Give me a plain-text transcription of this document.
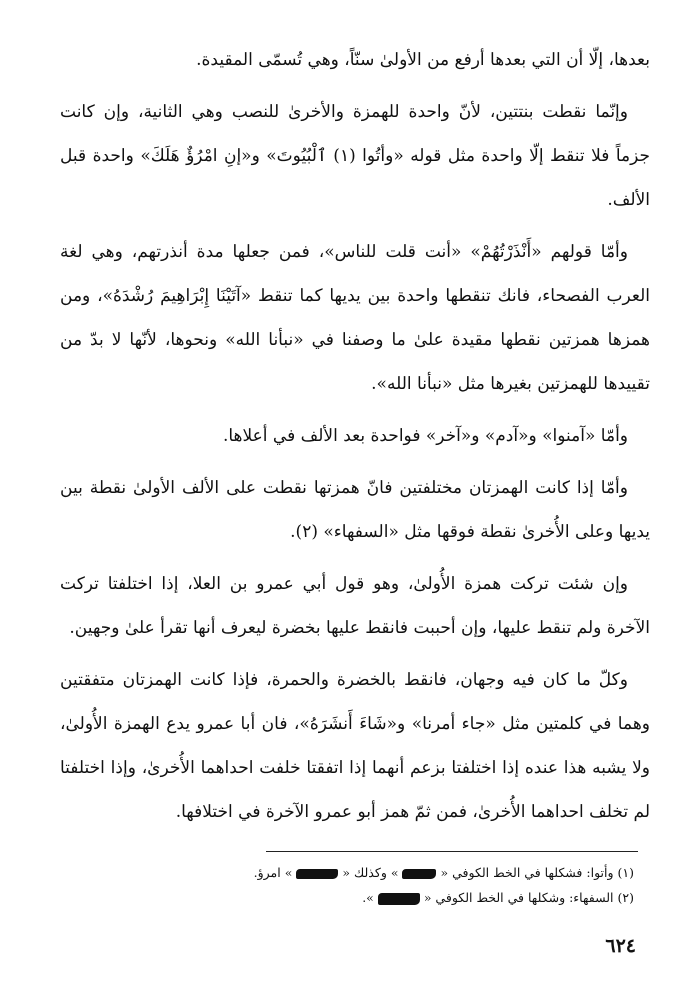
بعدها، إلّا أن التي بعدها أرفع من الأولىٰ سنّاً، وهي تُسمّى المقيدة.

وإنّما نقطت بنتتين، لأنّ واحدة للهمزة والأخرىٰ للنصب وهي الثانية، وإن كانت جزماً فلا تنقط إلّا واحدة مثل قوله «وأتُوا (١) ٱلْبُيُوتَ» و«إنِ امْرُؤٌ هَلَكَ» واحدة قبل الألف.

وأمّا قولهم «أَنْذَرْتُهُمْ» «أنت قلت للناس»، فمن جعلها مدة أنذرتهم، وهي لغة العرب الفصحاء، فانك تنقطها واحدة بين يديها كما تنقط «آتَيْنَا إِبْرَاهِيمَ رُشْدَهُ»، ومن همزها همزتين نقطها مقيدة علىٰ ما وصفنا في «نبأنا الله» ونحوها، لأنّها لا بدّ من تقييدها للهمزتين بغيرها مثل «نبأنا الله».

وأمّا «آمنوا» و«آدم» و«آخر» فواحدة بعد الألف في أعلاها.

وأمّا إذا كانت الهمزتان مختلفتين فانّ همزتها نقطت على الألف الأولىٰ نقطة بين يديها وعلى الأُخرىٰ نقطة فوقها مثل «السفهاء» (٢).

وإن شئت تركت همزة الأُولىٰ، وهو قول أبي عمرو بن العلا، إذا اختلفتا تركت الآخرة ولم تنقط عليها، وإن أحببت فانقط عليها بخضرة ليعرف أنها تقرأ علىٰ وجهين.

وكلّ ما كان فيه وجهان، فانقط بالخضرة والحمرة، فإذا كانت الهمزتان متفقتين وهما في كلمتين مثل «جاء أمرنا» و«شَاءَ أَنشَرَهُ»، فان أبا عمرو يدع الهمزة الأُولىٰ، ولا يشبه هذا عنده إذا اختلفتا بزعم أنهما إذا اتفقتا خلفت احداهما الأُخرىٰ، وإذا اختلفتا لم تخلف احداهما الأُخرىٰ، فمن ثمّ همز أبو عمرو الآخرة في اختلافها.

(١) وأتوا: فشكلها في الخط الكوفي «» وكذلك «» امرؤ.

(٢) السفهاء: وشكلها في الخط الكوفي «».

٦٢٤
